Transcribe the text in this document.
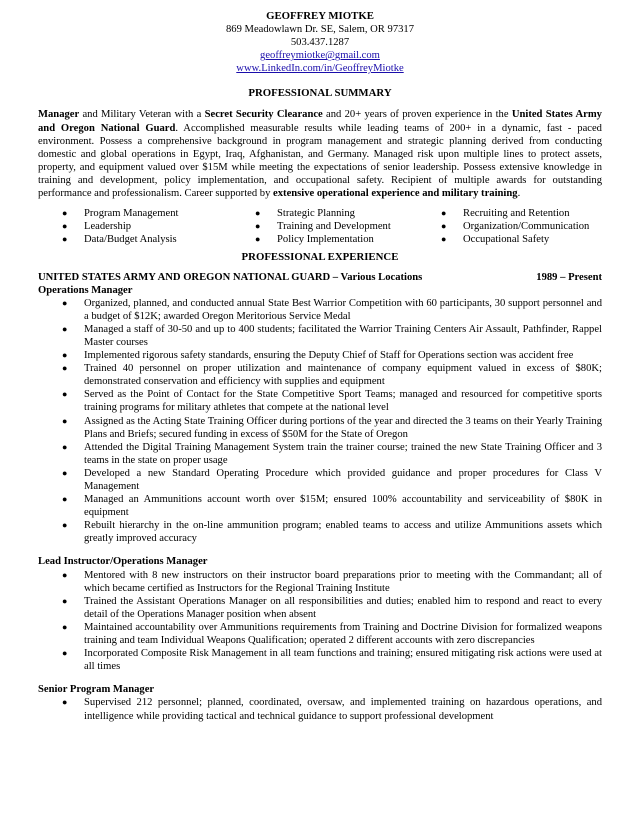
GEOFFREY MIOTKE
869 Meadowlawn Dr. SE, Salem, OR 97317
503.437.1287
geoffreymiotke@gmail.com
www.LinkedIn.com/in/GeoffreyMiotke
PROFESSIONAL SUMMARY
Manager and Military Veteran with a Secret Security Clearance and 20+ years of proven experience in the United States Army and Oregon National Guard. Accomplished measurable results while leading teams of 200+ in a dynamic, fast - paced environment. Possess a comprehensive background in program management and strategic planning derived from conducting domestic and global operations in Egypt, Iraq, Afghanistan, and Germany. Managed risk upon multiple lines to protect assets, property, and equipment valued over $15M while meeting the expectations of senior leadership. Possess extensive knowledge in training and development, policy implementation, and occupational safety. Recipient of multiple awards for outstanding performance and professionalism. Career supported by extensive operational experience and military training.
●	Program Management	●	Strategic Planning	●	Recruiting and Retention
●	Leadership	●	Training and Development	●	Organization/Communication
●	Data/Budget Analysis	●	Policy Implementation	●	Occupational Safety
PROFESSIONAL EXPERIENCE
UNITED STATES ARMY AND OREGON NATIONAL GUARD – Various Locations	1989 – Present
Operations Manager
●	Organized, planned, and conducted annual State Best Warrior Competition with 60 participants, 30 support personnel and a budget of $12K; awarded Oregon Meritorious Service Medal
●	Managed a staff of 30-50 and up to 400 students; facilitated the Warrior Training Centers Air Assault, Pathfinder, Rappel Master courses
●	Implemented rigorous safety standards, ensuring the Deputy Chief of Staff for Operations section was accident free
●	Trained 40 personnel on proper utilization and maintenance of company equipment valued in excess of $80K; demonstrated conservation and efficiency with supplies and equipment
●	Served as the Point of Contact for the State Competitive Sport Teams; managed and resourced for competitive sports training programs for military athletes that compete at the national level
●	Assigned as the Acting State Training Officer during portions of the year and directed the 3 teams on their Yearly Training Plans and Briefs; secured funding in excess of $50M for the State of Oregon
●	Attended the Digital Training Management System train the trainer course; trained the new State Training Officer and 3 teams in the state on proper usage
●	Developed a new Standard Operating Procedure which provided guidance and proper procedures for Class V Management
●	Managed an Ammunitions account worth over $15M; ensured 100% accountability and serviceability of $80K in equipment
●	Rebuilt hierarchy in the on-line ammunition program; enabled teams to access and utilize Ammunitions assets which greatly improved accuracy
Lead Instructor/Operations Manager
●	Mentored with 8 new instructors on their instructor board preparations prior to meeting with the Commandant; all of which became certified as Instructors for the Regional Training Institute
●	Trained the Assistant Operations Manager on all responsibilities and duties; enabled him to respond and react to every detail of the Operations Manager position when absent
●	Maintained accountability over Ammunitions requirements from Training and Doctrine Division for formalized weapons training and team Individual Weapons Qualification; operated 2 different accounts with zero discrepancies
●	Incorporated Composite Risk Management in all team functions and training; ensured mitigating risk actions were used at all times
Senior Program Manager
●	Supervised 212 personnel; planned, coordinated, oversaw, and implemented training on hazardous operations, and intelligence while providing tactical and technical guidance to support professional development
